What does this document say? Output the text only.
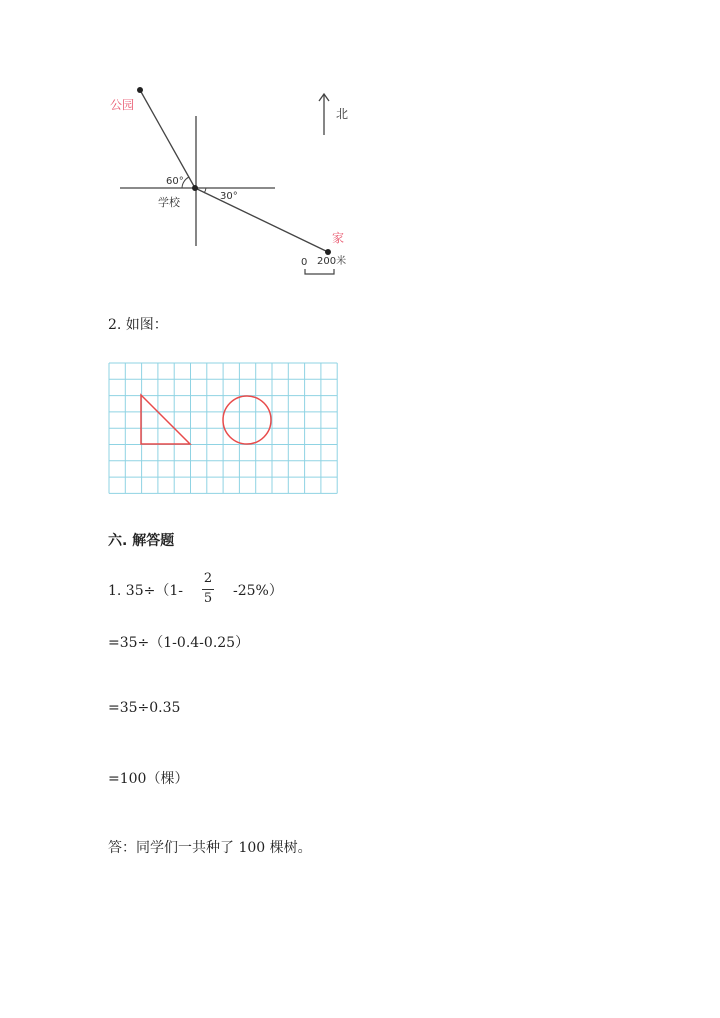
公园
60°
30°
学校
家
北
0 200米
2. 如图：
六. 解答题
1. 35÷（1-
2
5 -25%）
=35÷（1-0.4-0.25）
=35÷0.35
=100（棵）
答：同学们一共种了 100 棵树。
